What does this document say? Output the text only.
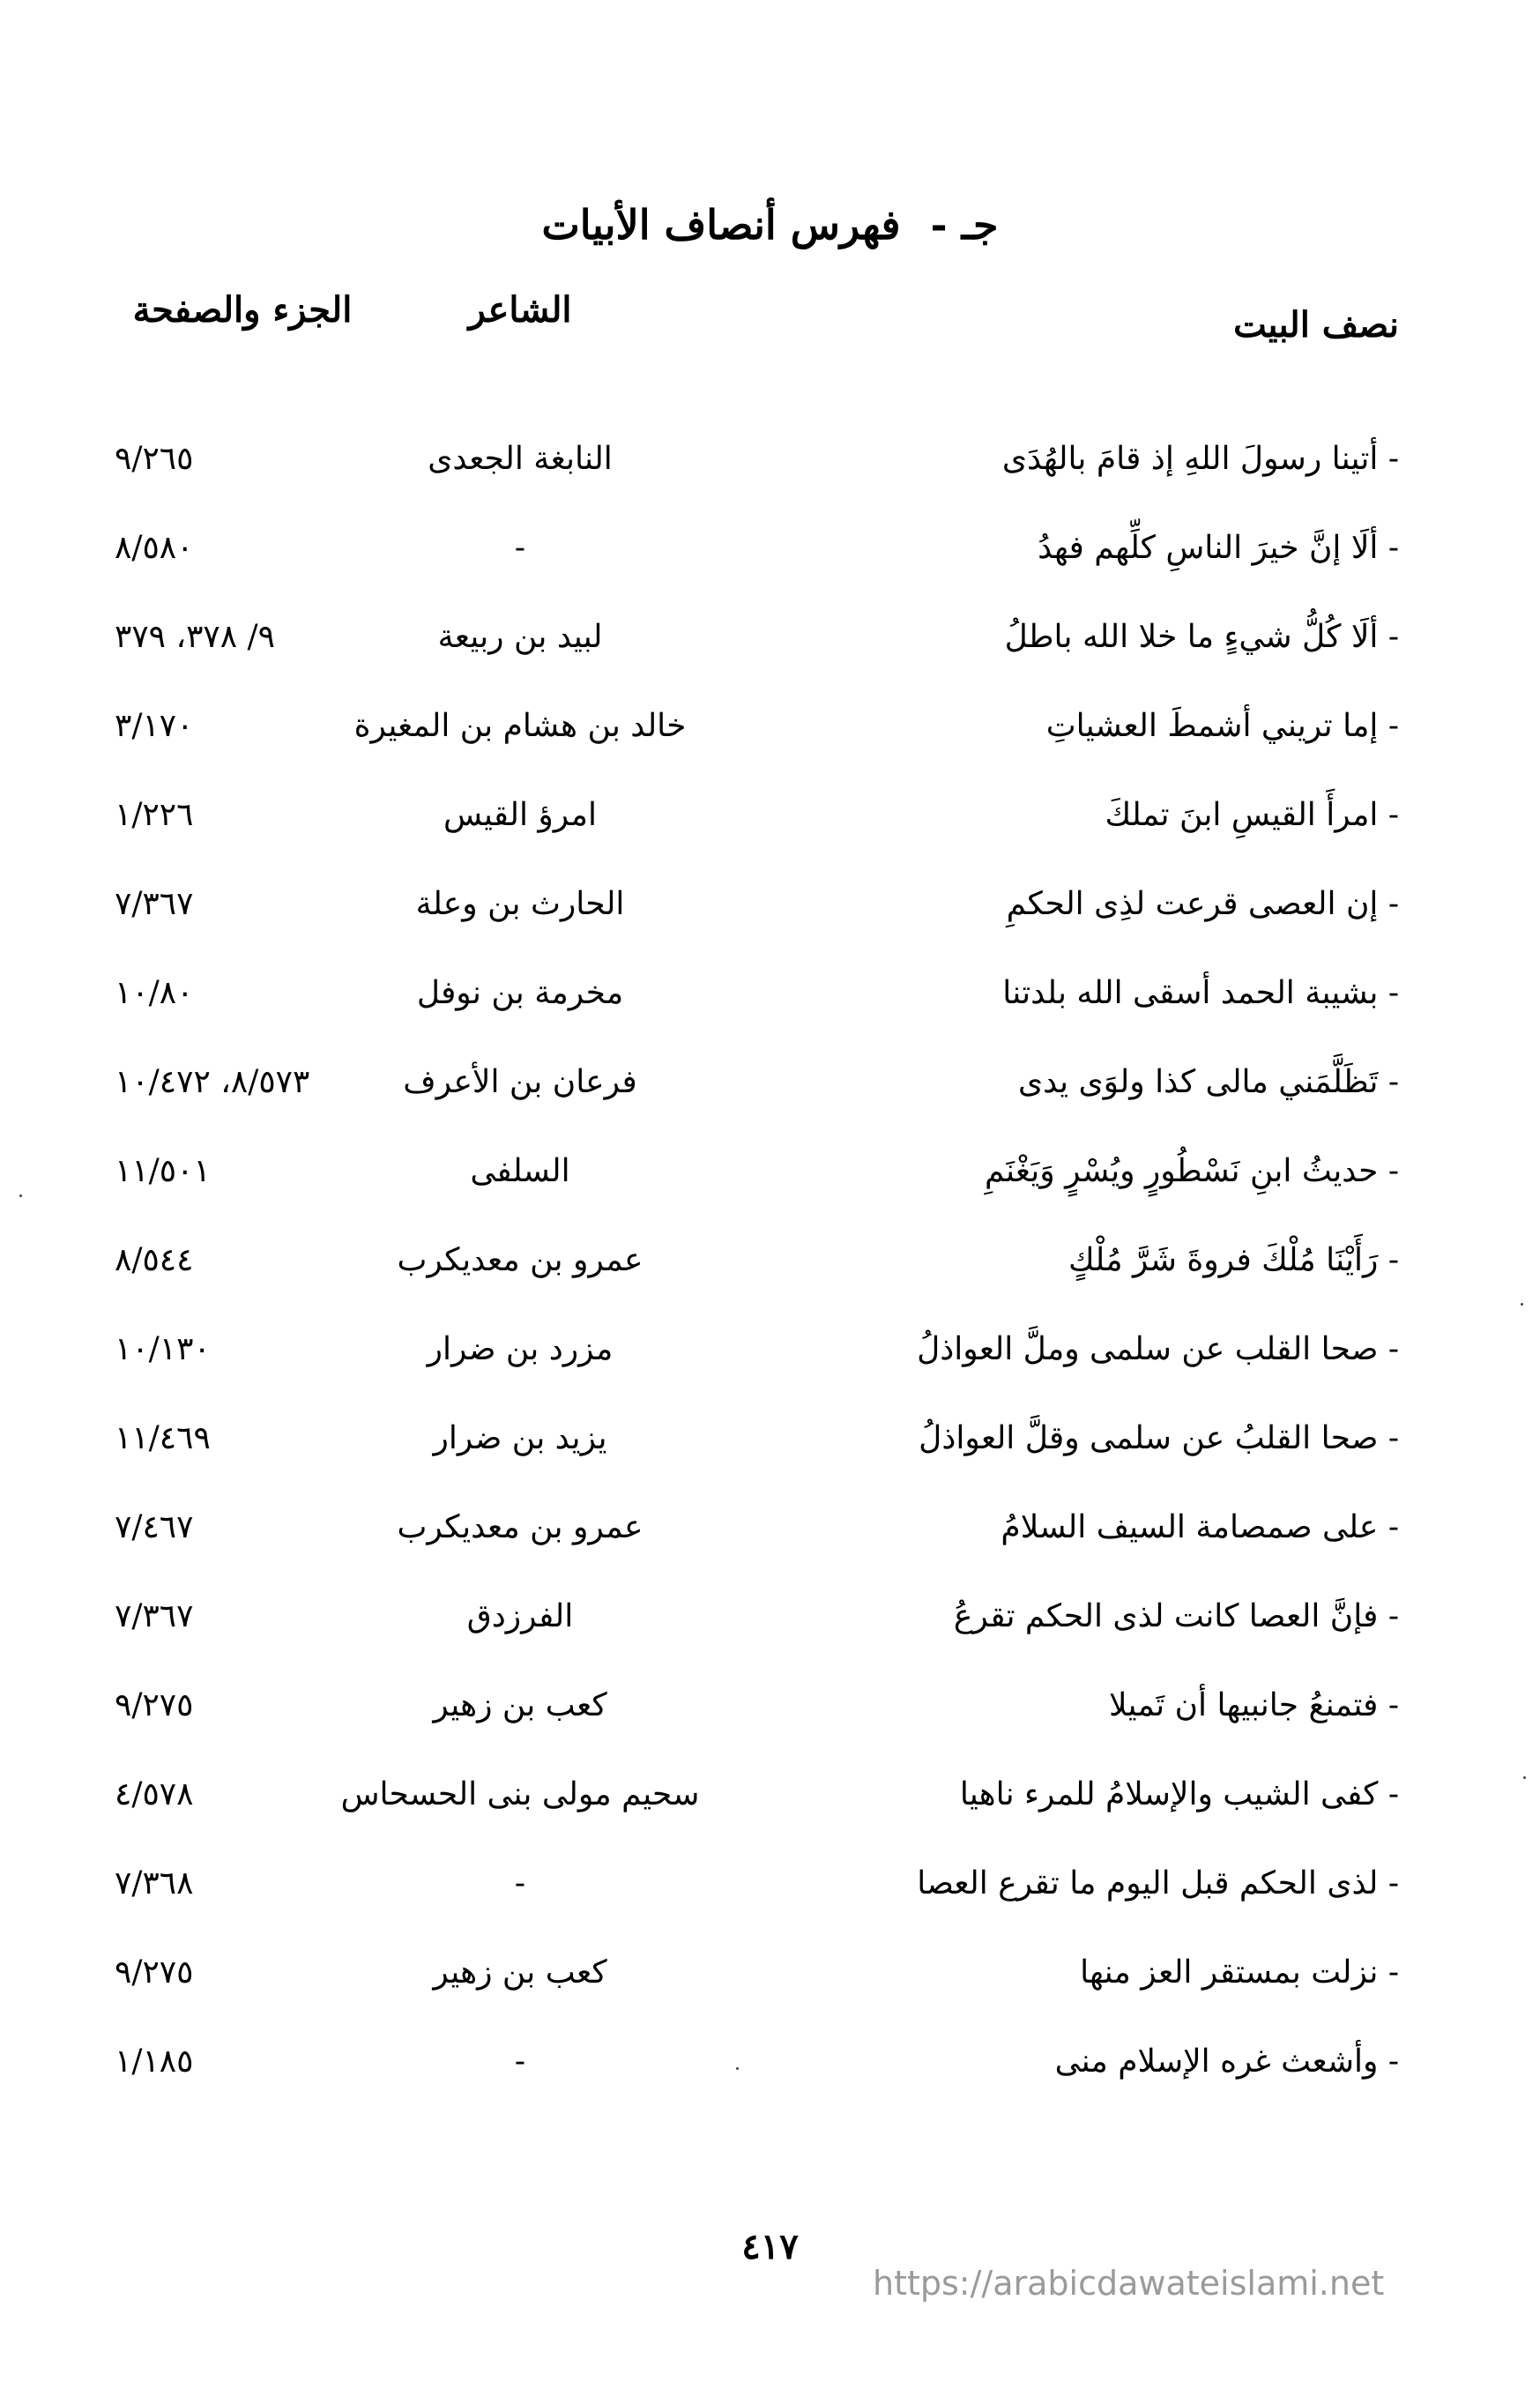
جـ - فهرس أنصاف الأبيات
نصف البيت
الشاعر
الجزء والصفحة
- أتينا رسولَ اللهِ إذ قامَ بالهُدَى
النابغة الجعدى
٩/٢٦٥
- ألَا إنَّ خيرَ الناسِ كلِّهم فهدُ
-
٨/٥٨٠
- ألَا كُلُّ شيءٍ ما خلا الله باطلُ
لبيد بن ربيعة
٩/ ٣٧٨، ٣٧٩
- إما تريني أشمطَ العشياتِ
خالد بن هشام بن المغيرة
٣/١٧٠
- امرأَ القيسِ ابنَ تملكَ
امرؤ القيس
١/٢٢٦
- إن العصى قرعت لذِى الحكمِ
الحارث بن وعلة
٧/٣٦٧
- بشيبة الحمد أسقى الله بلدتنا
مخرمة بن نوفل
١٠/٨٠
- تَظَلَّمَني مالى كذا ولوَى يدى
فرعان بن الأعرف
٨/٥٧٣، ١٠/٤٧٢
- حديثُ ابنِ نَسْطُورٍ ويُسْرٍ وَيَغْنَمِ
السلفى
١١/٥٠١
- رَأَيْنَا مُلْكَ فروةَ شَرَّ مُلْكٍ
عمرو بن معديكرب
٨/٥٤٤
- صحا القلب عن سلمى وملَّ العواذلُ
مزرد بن ضرار
١٠/١٣٠
- صحا القلبُ عن سلمى وقلَّ العواذلُ
يزيد بن ضرار
١١/٤٦٩
- على صمصامة السيف السلامُ
عمرو بن معديكرب
٧/٤٦٧
- فإنَّ العصا كانت لذى الحكم تقرعُ
الفرزدق
٧/٣٦٧
- فتمنعُ جانبيها أن تَميلا
كعب بن زهير
٩/٢٧٥
- كفى الشيب والإسلامُ للمرء ناهيا
سحيم مولى بنى الحسحاس
٤/٥٧٨
- لذى الحكم قبل اليوم ما تقرع العصا
-
٧/٣٦٨
- نزلت بمستقر العز منها
كعب بن زهير
٩/٢٧٥
- وأشعث غره الإسلام منى
-
١/١٨٥
٤١٧
https://arabicdawateislami.net
